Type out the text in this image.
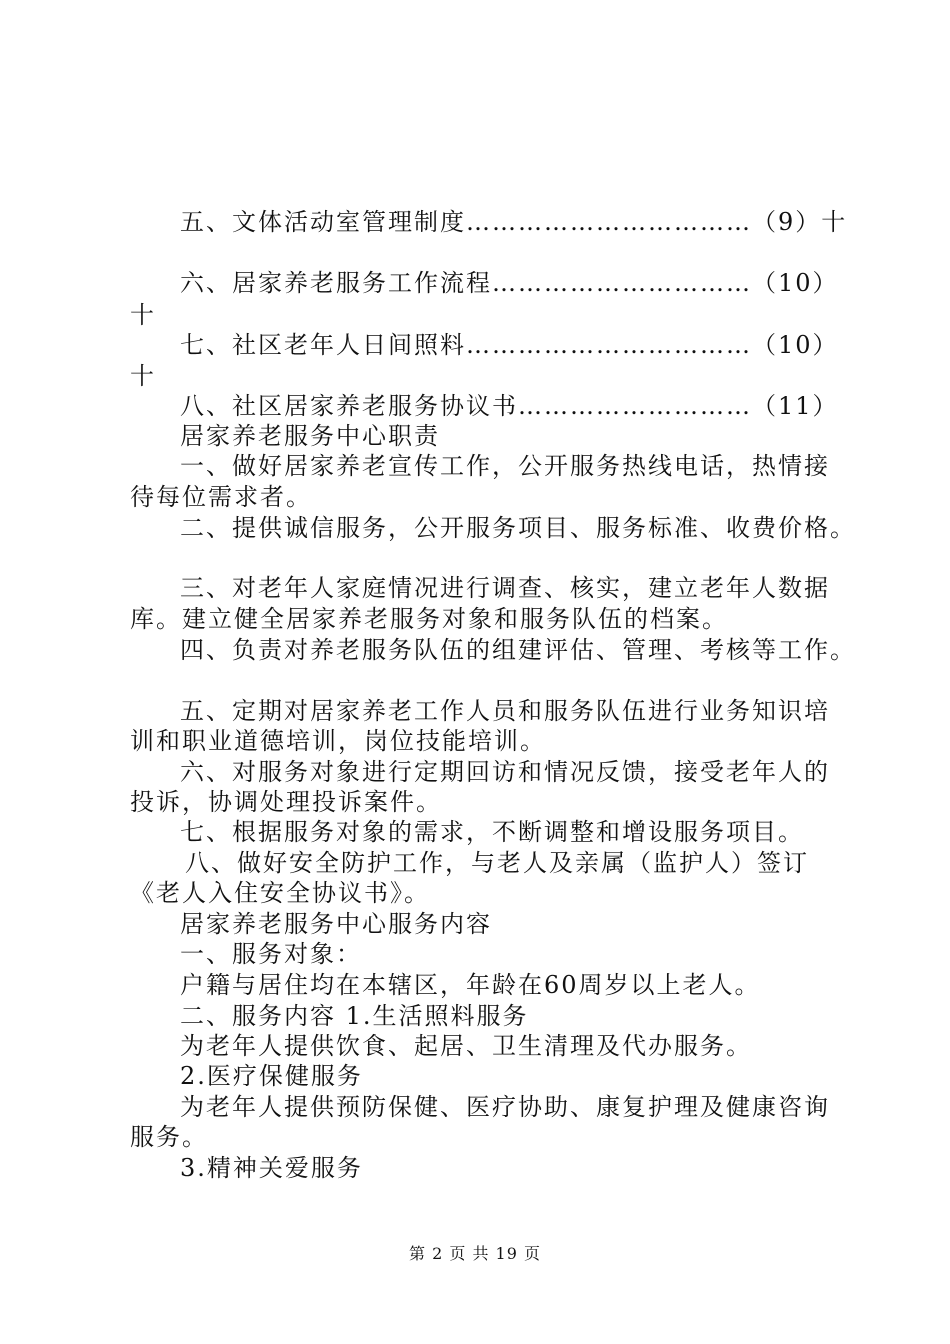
五、文体活动室管理制度……………………………（9）十
六、居家养老服务工作流程…………………………（10）
十
七、社区老年人日间照料……………………………（10）
十
八、社区居家养老服务协议书………………………（11）
居家养老服务中心职责
一、做好居家养老宣传工作，公开服务热线电话，热情接
待每位需求者。
二、提供诚信服务，公开服务项目、服务标准、收费价格。
三、对老年人家庭情况进行调查、核实，建立老年人数据
库。建立健全居家养老服务对象和服务队伍的档案。
四、负责对养老服务队伍的组建评估、管理、考核等工作。
五、定期对居家养老工作人员和服务队伍进行业务知识培
训和职业道德培训，岗位技能培训。
六、对服务对象进行定期回访和情况反馈，接受老年人的
投诉，协调处理投诉案件。
七、根据服务对象的需求，不断调整和增设服务项目。
八、做好安全防护工作，与老人及亲属（监护人）签订
《老人入住安全协议书》。
居家养老服务中心服务内容
一、服务对象：
户籍与居住均在本辖区，年龄在60周岁以上老人。
二、服务内容 1.生活照料服务
为老年人提供饮食、起居、卫生清理及代办服务。
2.医疗保健服务
为老年人提供预防保健、医疗协助、康复护理及健康咨询
服务。
3.精神关爱服务
第 2 页 共 19 页
